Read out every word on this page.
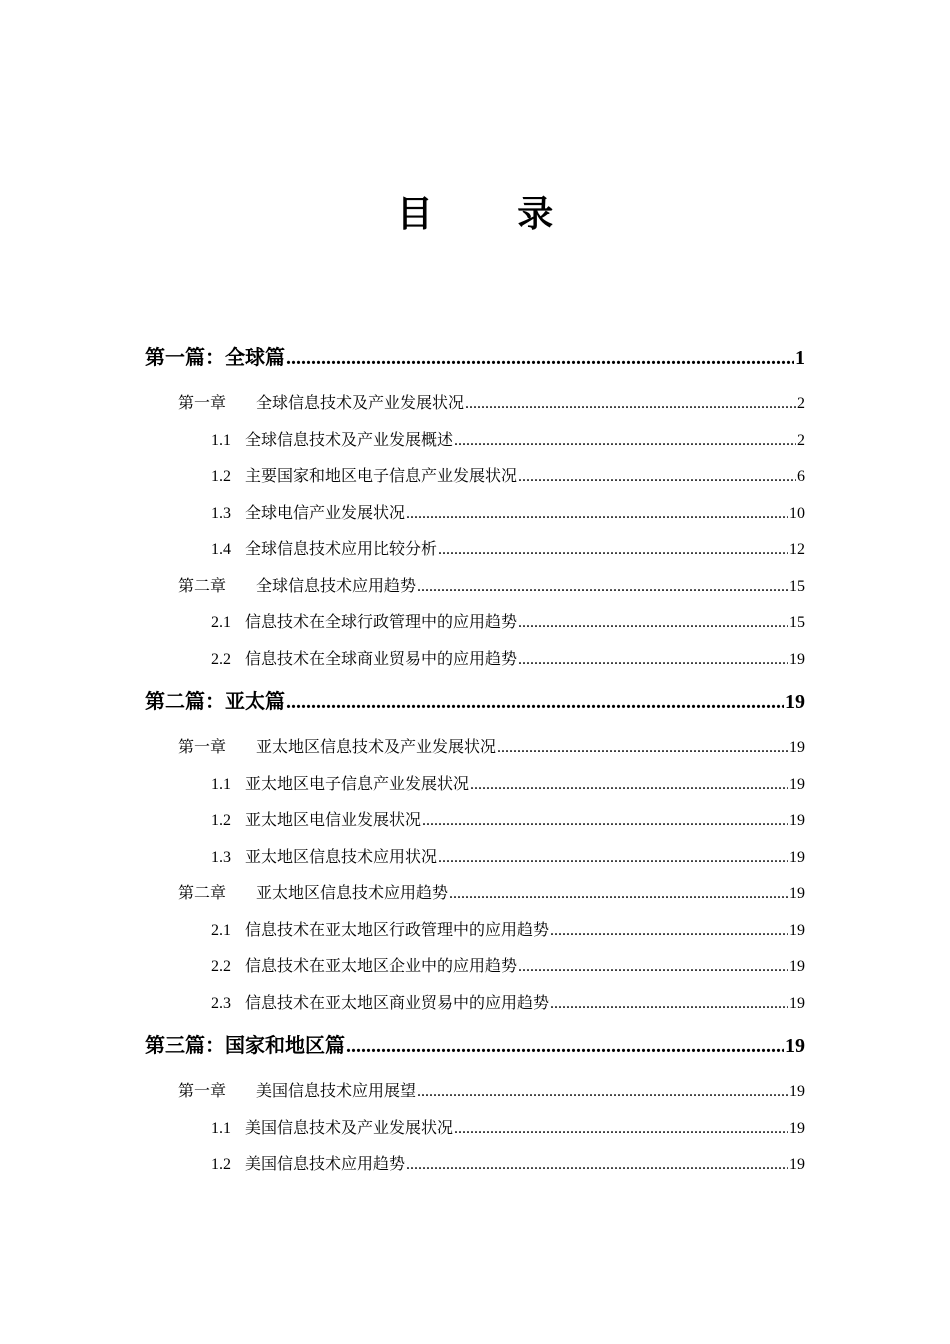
目 录
第一篇：全球篇 .....	1
第一章 全球信息技术及产业发展状况 .....	2
1.1 全球信息技术及产业发展概述 .....	2
1.2 主要国家和地区电子信息产业发展状况 .....	6
1.3 全球电信产业发展状况 .....	10
1.4 全球信息技术应用比较分析 .....	12
第二章 全球信息技术应用趋势 .....	15
2.1 信息技术在全球行政管理中的应用趋势 .....	15
2.2 信息技术在全球商业贸易中的应用趋势 .....	19
第二篇：亚太篇 .....	19
第一章 亚太地区信息技术及产业发展状况 .....	19
1.1 亚太地区电子信息产业发展状况 .....	19
1.2 亚太地区电信业发展状况 .....	19
1.3 亚太地区信息技术应用状况 .....	19
第二章 亚太地区信息技术应用趋势 .....	19
2.1 信息技术在亚太地区行政管理中的应用趋势 .....	19
2.2 信息技术在亚太地区企业中的应用趋势 .....	19
2.3 信息技术在亚太地区商业贸易中的应用趋势 .....	19
第三篇：国家和地区篇 .....	19
第一章 美国信息技术应用展望 .....	19
1.1 美国信息技术及产业发展状况 .....	19
1.2 美国信息技术应用趋势 .....	19
